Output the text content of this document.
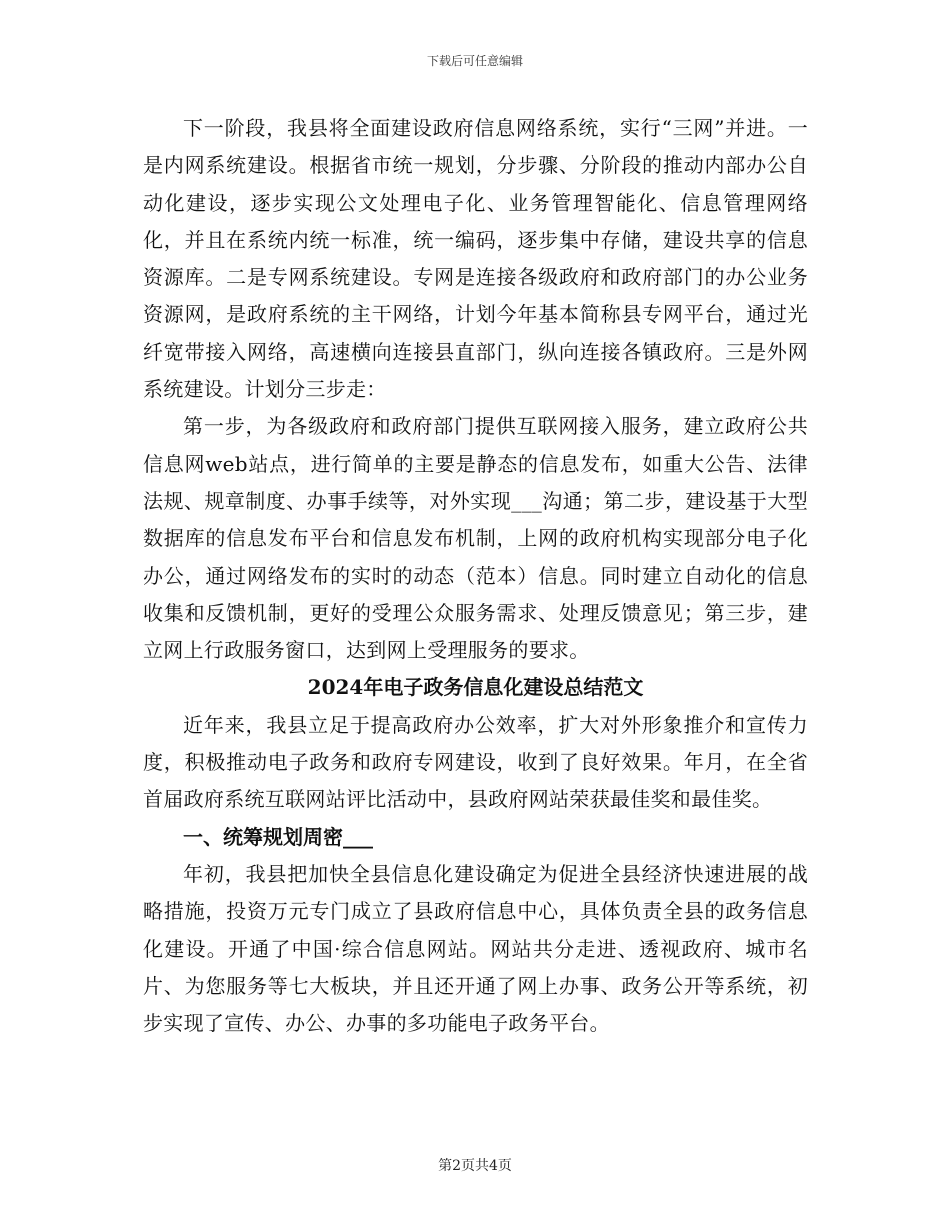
下载后可任意编辑

下一阶段，我县将全面建设政府信息网络系统，实行“三网”并进。一是内网系统建设。根据省市统一规划，分步骤、分阶段的推动内部办公自动化建设，逐步实现公文处理电子化、业务管理智能化、信息管理网络化，并且在系统内统一标准，统一编码，逐步集中存储，建设共享的信息资源库。二是专网系统建设。专网是连接各级政府和政府部门的办公业务资源网，是政府系统的主干网络，计划今年基本简称县专网平台，通过光纤宽带接入网络，高速横向连接县直部门，纵向连接各镇政府。三是外网系统建设。计划分三步走：

第一步，为各级政府和政府部门提供互联网接入服务，建立政府公共信息网web站点，进行简单的主要是静态的信息发布，如重大公告、法律法规、规章制度、办事手续等，对外实现___沟通；第二步，建设基于大型数据库的信息发布平台和信息发布机制，上网的政府机构实现部分电子化办公，通过网络发布的实时的动态（范本）信息。同时建立自动化的信息收集和反馈机制，更好的受理公众服务需求、处理反馈意见；第三步，建立网上行政服务窗口，达到网上受理服务的要求。

2024年电子政务信息化建设总结范文

近年来，我县立足于提高政府办公效率，扩大对外形象推介和宣传力度，积极推动电子政务和政府专网建设，收到了良好效果。年月，在全省首届政府系统互联网站评比活动中，县政府网站荣获最佳奖和最佳奖。

一、统筹规划周密___

年初，我县把加快全县信息化建设确定为促进全县经济快速进展的战略措施，投资万元专门成立了县政府信息中心，具体负责全县的政务信息化建设。开通了中国·综合信息网站。网站共分走进、透视政府、城市名片、为您服务等七大板块，并且还开通了网上办事、政务公开等系统，初步实现了宣传、办公、办事的多功能电子政务平台。

第2页共4页
